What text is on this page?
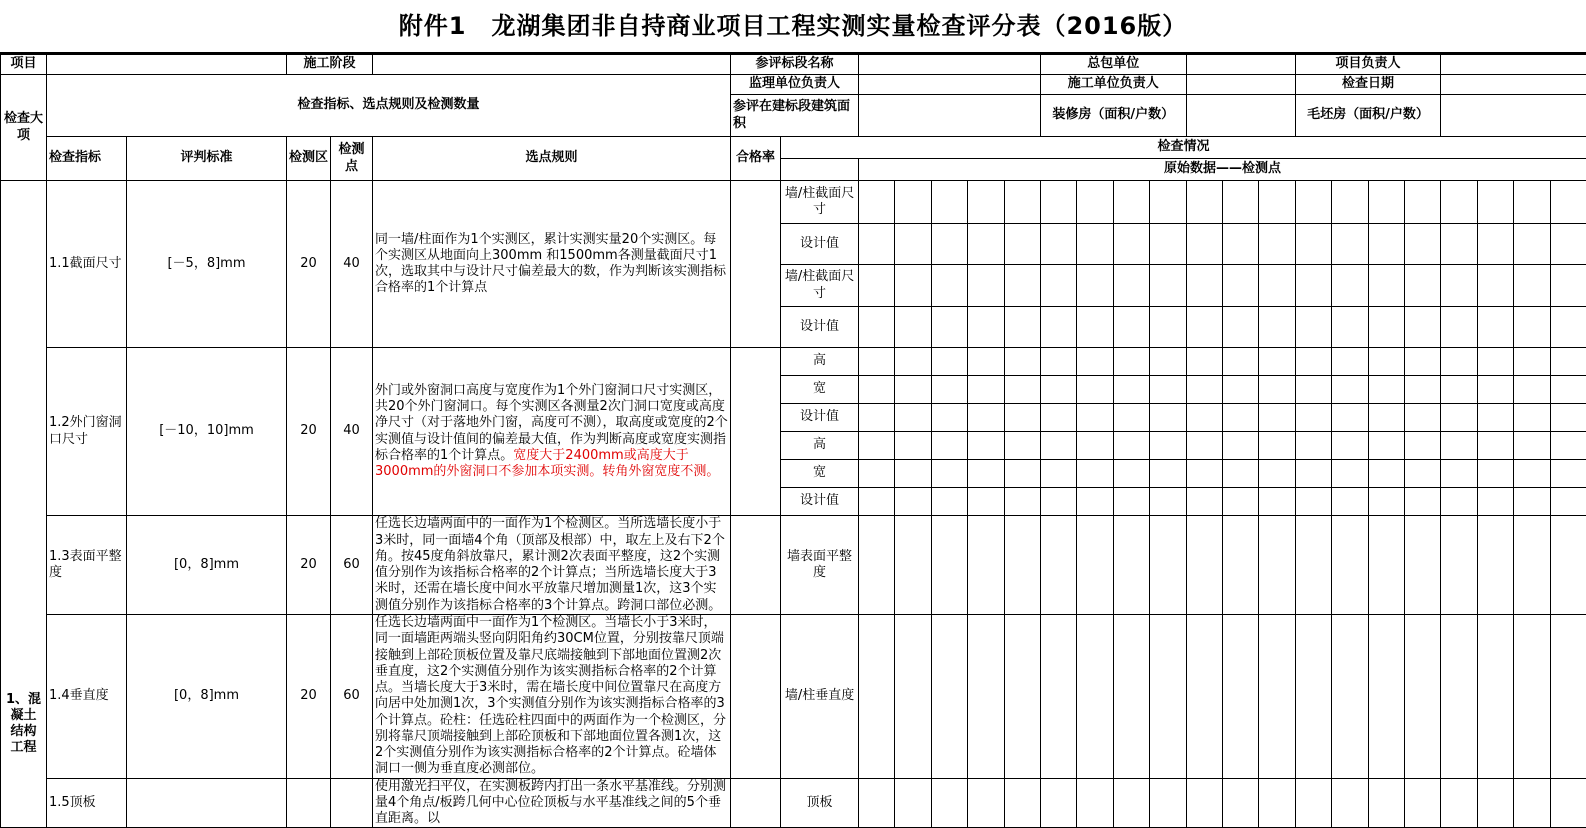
附件1　龙湖集团非自持商业项目工程实测实量检查评分表（2016版）
项目			施工阶段			参评标段名称							总包单位							项目负责人							
检查大项	检查指标、选点规则及检测数量					监理单位负责人							施工单位负责人							检查日期							
						参评在建标段建筑面积							装修房（面积/户数）							毛坯房（面积/户数）							
	检查指标	评判标准	检测区	检测点	选点规则	合格率	检查情况																				
								原始数据——检测点																			
1、混凝土结构工程	1.1截面尺寸	[－5，8]mm	20	40	同一墙/柱面作为1个实测区，累计实测实量20个实测区。每个实测区从地面向上300mm 和1500mm各测量截面尺寸1次，选取其中与设计尺寸偏差最大的数，作为判断该实测指标合格率的1个计算点		墙/柱截面尺寸																				
							设计值																				
							墙/柱截面尺寸																				
							设计值																				
	1.2外门窗洞口尺寸	[－10，10]mm	20	40	外门或外窗洞口高度与宽度作为1个外门窗洞口尺寸实测区，共20个外门窗洞口。每个实测区各测量2次门洞口宽度或高度净尺寸（对于落地外门窗，高度可不测），取高度或宽度的2个实测值与设计值间的偏差最大值，作为判断高度或宽度实测指标合格率的1个计算点。宽度大于2400mm或高度大于3000mm的外窗洞口不参加本项实测。转角外窗宽度不测。		高																				
							宽																				
							设计值																				
							高																				
							宽																				
							设计值																				
	1.3表面平整度	[0，8]mm	20	60	任选长边墙两面中的一面作为1个检测区。当所选墙长度小于3米时，同一面墙4个角（顶部及根部）中，取左上及右下2个角。按45度角斜放靠尺，累计测2次表面平整度，这2个实测值分别作为该指标合格率的2个计算点；当所选墙长度大于3米时，还需在墙长度中间水平放靠尺增加测量1次，这3个实测值分别作为该指标合格率的3个计算点。跨洞口部位必测。		墙表面平整度																				
	1.4垂直度	[0，8]mm	20	60	任选长边墙两面中一面作为1个检测区。当墙长小于3米时，同一面墙距两端头竖向阴阳角约30CM位置，分别按靠尺顶端接触到上部砼顶板位置及靠尺底端接触到下部地面位置测2次垂直度，这2个实测值分别作为该实测指标合格率的2个计算点。当墙长度大于3米时，需在墙长度中间位置靠尺在高度方向居中处加测1次，3个实测值分别作为该实测指标合格率的3个计算点。砼柱：任选砼柱四面中的两面作为一个检测区，分别将靠尺顶端接触到上部砼顶板和下部地面位置各测1次，这2个实测值分别作为该实测指标合格率的2个计算点。砼墙体洞口一侧为垂直度必测部位。		墙/柱垂直度																				
	1.5顶板				使用激光扫平仪，在实测板跨内打出一条水平基准线。分别测量4个角点/板跨几何中心位砼顶板与水平基准线之间的5个垂直距离。以		顶板																				
